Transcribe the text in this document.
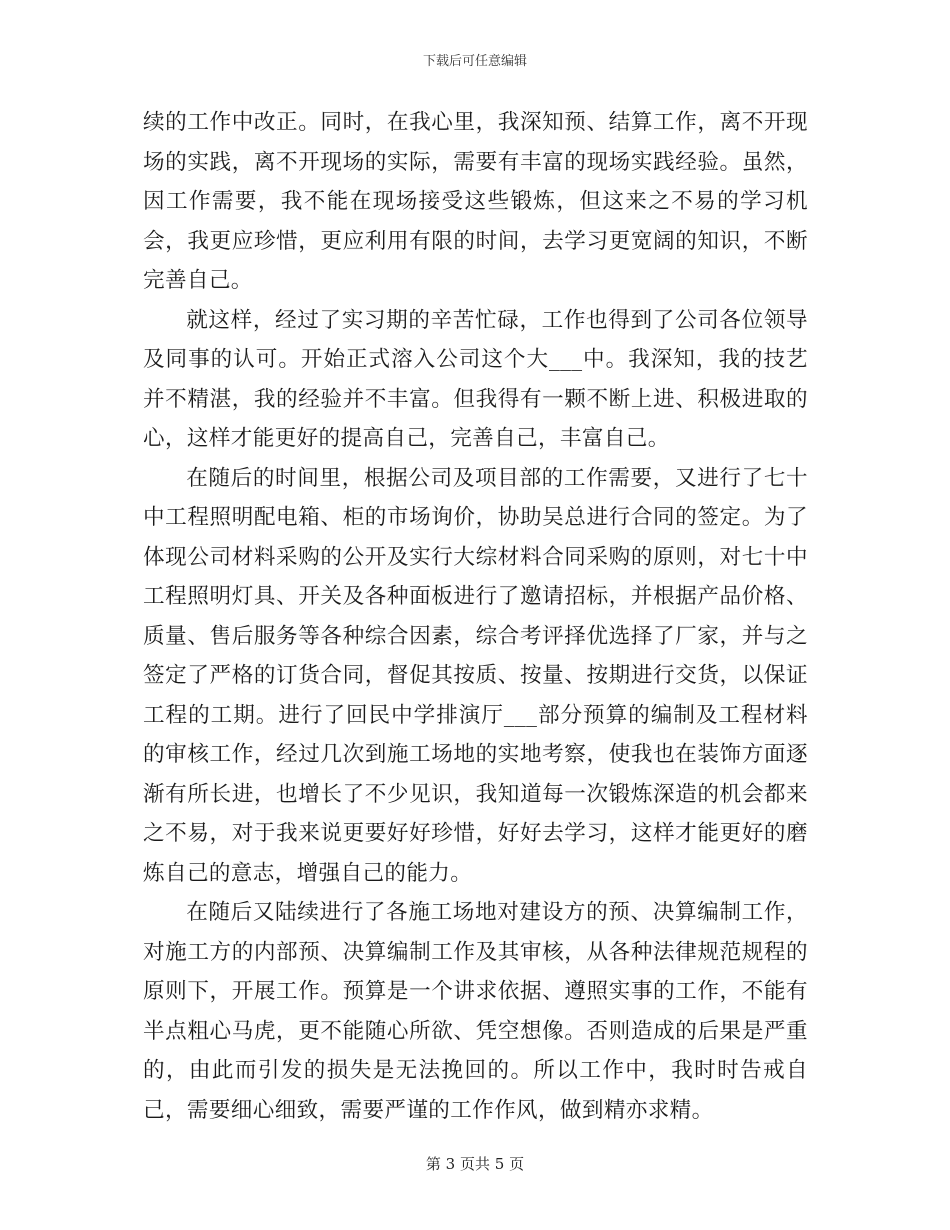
下载后可任意编辑

续的工作中改正。同时，在我心里，我深知预、结算工作，离不开现场的实践，离不开现场的实际，需要有丰富的现场实践经验。虽然，因工作需要，我不能在现场接受这些锻炼，但这来之不易的学习机会，我更应珍惜，更应利用有限的时间，去学习更宽阔的知识，不断完善自己。

就这样，经过了实习期的辛苦忙碌，工作也得到了公司各位领导及同事的认可。开始正式溶入公司这个大___中。我深知，我的技艺并不精湛，我的经验并不丰富。但我得有一颗不断上进、积极进取的心，这样才能更好的提高自己，完善自己，丰富自己。

在随后的时间里，根据公司及项目部的工作需要，又进行了七十中工程照明配电箱、柜的市场询价，协助吴总进行合同的签定。为了体现公司材料采购的公开及实行大综材料合同采购的原则，对七十中工程照明灯具、开关及各种面板进行了邀请招标，并根据产品价格、质量、售后服务等各种综合因素，综合考评择优选择了厂家，并与之签定了严格的订货合同，督促其按质、按量、按期进行交货，以保证工程的工期。进行了回民中学排演厅___部分预算的编制及工程材料的审核工作，经过几次到施工场地的实地考察，使我也在装饰方面逐渐有所长进，也增长了不少见识，我知道每一次锻炼深造的机会都来之不易，对于我来说更要好好珍惜，好好去学习，这样才能更好的磨炼自己的意志，增强自己的能力。

在随后又陆续进行了各施工场地对建设方的预、决算编制工作，对施工方的内部预、决算编制工作及其审核，从各种法律规范规程的原则下，开展工作。预算是一个讲求依据、遵照实事的工作，不能有半点粗心马虎，更不能随心所欲、凭空想像。否则造成的后果是严重的，由此而引发的损失是无法挽回的。所以工作中，我时时告戒自己，需要细心细致，需要严谨的工作作风，做到精亦求精。

第 3 页共 5 页
